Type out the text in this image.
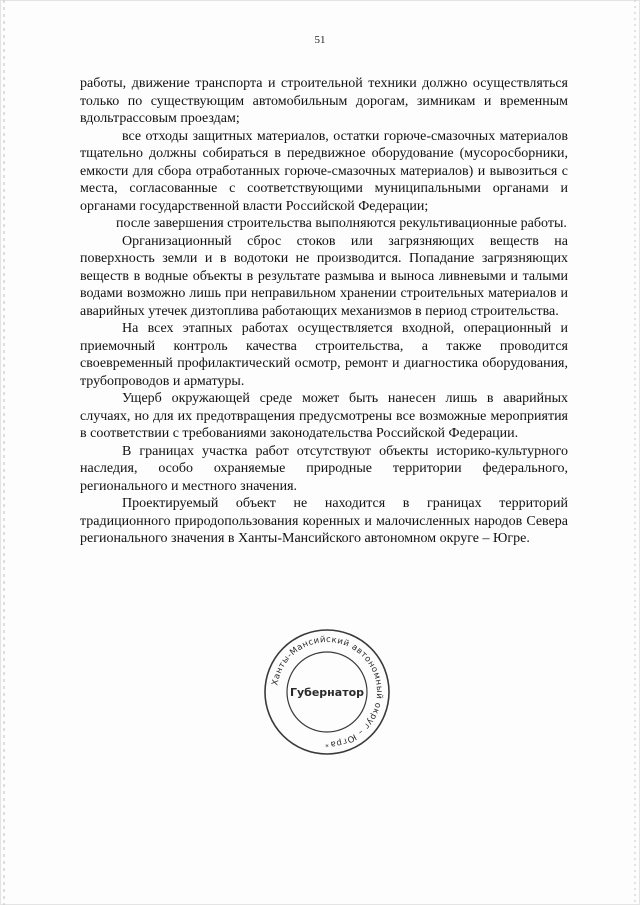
51

работы, движение транспорта и строительной техники должно осуществляться только по существующим автомобильным дорогам, зимникам и временным вдольтрассовым проездам;

все отходы защитных материалов, остатки горюче-смазочных материалов тщательно должны собираться в передвижное оборудование (мусоросборники, емкости для сбора отработанных горюче-смазочных материалов) и вывозиться с места, согласованные с соответствующими муниципальными органами и органами государственной власти Российской Федерации;

после завершения строительства выполняются рекультивационные работы.

Организационный сброс стоков или загрязняющих веществ на поверхность земли и в водотоки не производится. Попадание загрязняющих веществ в водные объекты в результате размыва и выноса ливневыми и талыми водами возможно лишь при неправильном хранении строительных материалов и аварийных утечек дизтоплива работающих механизмов в период строительства.

На всех этапных работах осуществляется входной, операционный и приемочный контроль качества строительства, а также проводится своевременный профилактический осмотр, ремонт и диагностика оборудования, трубопроводов и арматуры.

Ущерб окружающей среде может быть нанесен лишь в аварийных случаях, но для их предотвращения предусмотрены все возможные мероприятия в соответствии с требованиями законодательства Российской Федерации.

В границах участка работ отсутствуют объекты историко-культурного наследия, особо охраняемые природные территории федерального, регионального и местного значения.

Проектируемый объект не находится в границах территорий традиционного природопользования коренных и малочисленных народов Севера регионального значения в Ханты-Мансийского автономном округе – Югре.

Ханты-Мансийский автономный округ – Югра
Губернатор
*
